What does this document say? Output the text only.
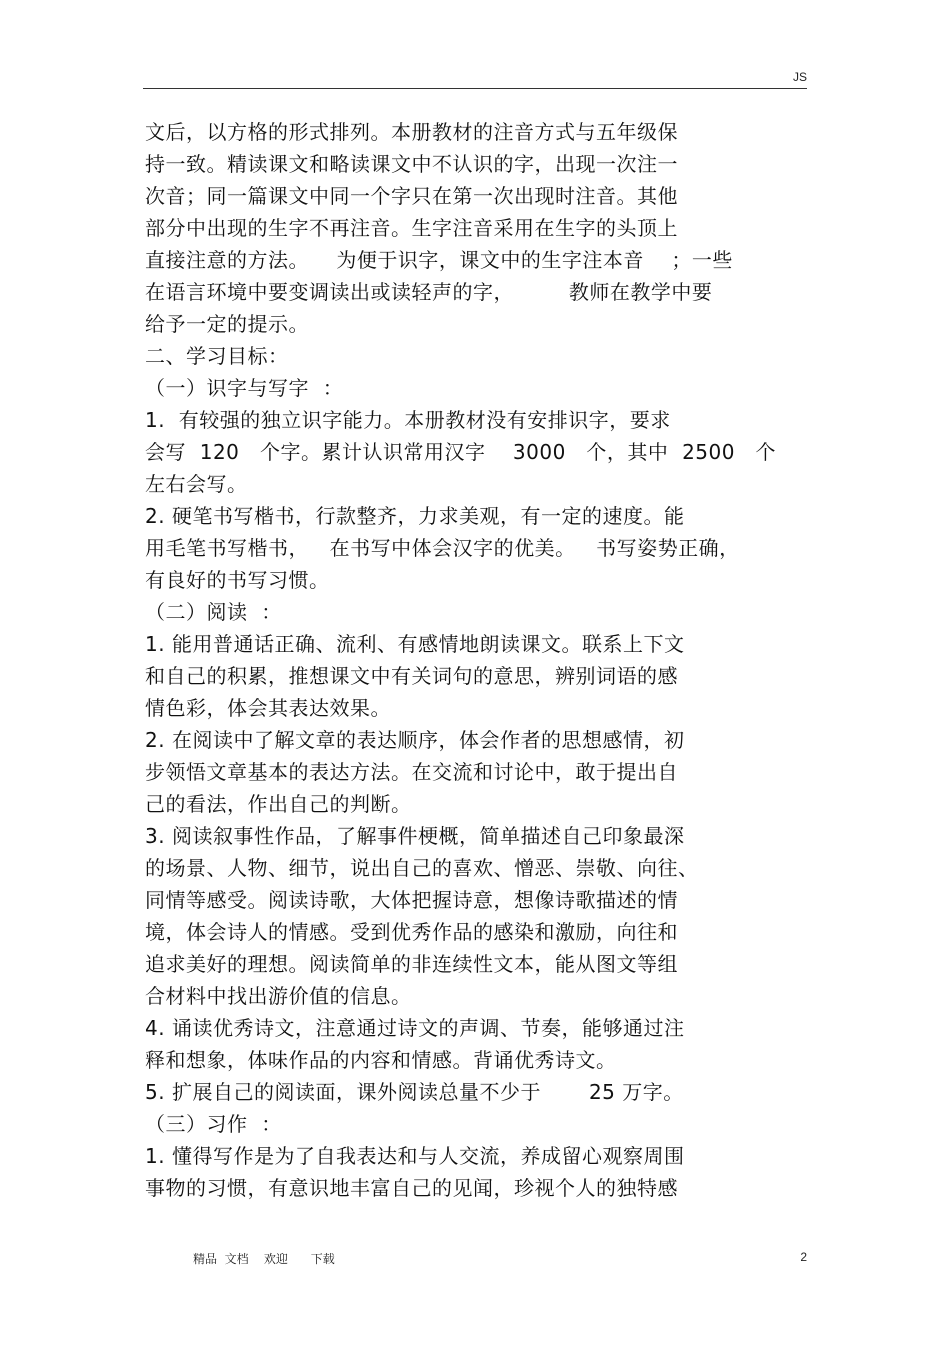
JS
文后，以方格的形式排列。本册教材的注音方式与五年级保
持一致。精读课文和略读课文中不认识的字，出现一次注一
次音；同一篇课文中同一个字只在第一次出现时注音。其他
部分中出现的生字不再注音。生字注音采用在生字的头顶上
直接注意的方法。    为便于识字，课文中的生字注本音    ；一些
在语言环境中要变调读出或读轻声的字，        教师在教学中要
给予一定的提示。
二、学习目标：
（一）识字与写字  ：
1.  有较强的独立识字能力。本册教材没有安排识字，要求
会写  120   个字。累计认识常用汉字    3000   个，其中  2500   个
左右会写。
2. 硬笔书写楷书，行款整齐，力求美观，有一定的速度。能
用毛笔书写楷书，   在书写中体会汉字的优美。   书写姿势正确，
有良好的书写习惯。
（二）阅读  ：
1. 能用普通话正确、流利、有感情地朗读课文。联系上下文
和自己的积累，推想课文中有关词句的意思，辨别词语的感
情色彩，体会其表达效果。
2. 在阅读中了解文章的表达顺序，体会作者的思想感情，初
步领悟文章基本的表达方法。在交流和讨论中，敢于提出自
己的看法，作出自己的判断。
3. 阅读叙事性作品，了解事件梗概，简单描述自己印象最深
的场景、人物、细节，说出自己的喜欢、憎恶、崇敬、向往、
同情等感受。阅读诗歌，大体把握诗意，想像诗歌描述的情
境，体会诗人的情感。受到优秀作品的感染和激励，向往和
追求美好的理想。阅读简单的非连续性文本，能从图文等组
合材料中找出游价值的信息。
4. 诵读优秀诗文，注意通过诗文的声调、节奏，能够通过注
释和想象，体味作品的内容和情感。背诵优秀诗文。
5. 扩展自己的阅读面，课外阅读总量不少于       25 万字。
（三）习作  ：
1. 懂得写作是为了自我表达和与人交流，养成留心观察周围
事物的习惯，有意识地丰富自己的见闻，珍视个人的独特感
精品  文档    欢迎      下载	2
